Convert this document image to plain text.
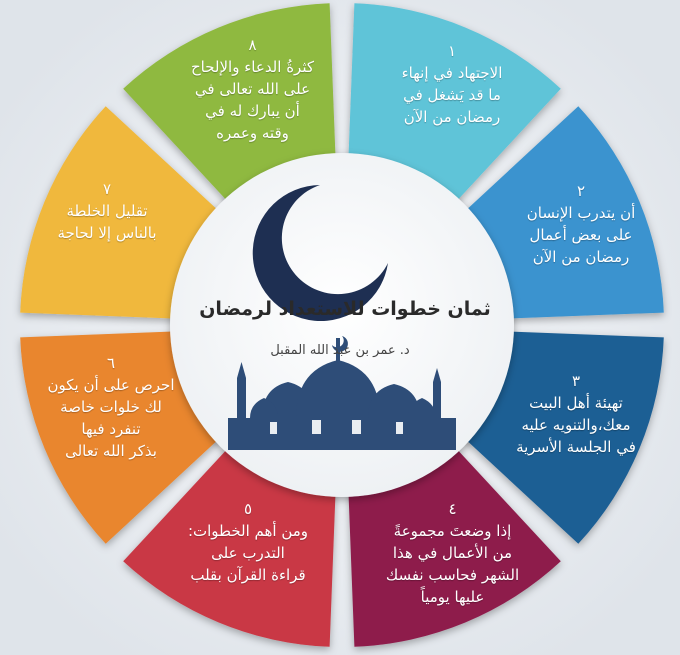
ثمان خطوات للاستعداد لرمضان
د. عمر بن عبد الله المقبل
١
الاجتهاد في إنهاء
ما قد يَشغل في
رمضان من الآن
٢
أن يتدرب الإنسان
على بعض أعمال
رمضان من الآن
٣
تهيئة أهل البيت
معك،والتنويه عليه
في الجلسة الأسرية
٤
إذا وضعتَ مجموعةً
من الأعمال في هذا
الشهر فحاسب نفسك
عليها يومياً
٥
ومن أهم الخطوات:
التدرب على
قراءة القرآن بقلب
٦
احرص على أن يكون
لك خلوات خاصة
تنفرد فيها
بذكر الله تعالى
٧
تقليل الخلطة
بالناس إلا لحاجة
٨
كثرةُ الدعاء والإلحاح
على الله تعالى في
أن يبارك له في
وقته وعمره
